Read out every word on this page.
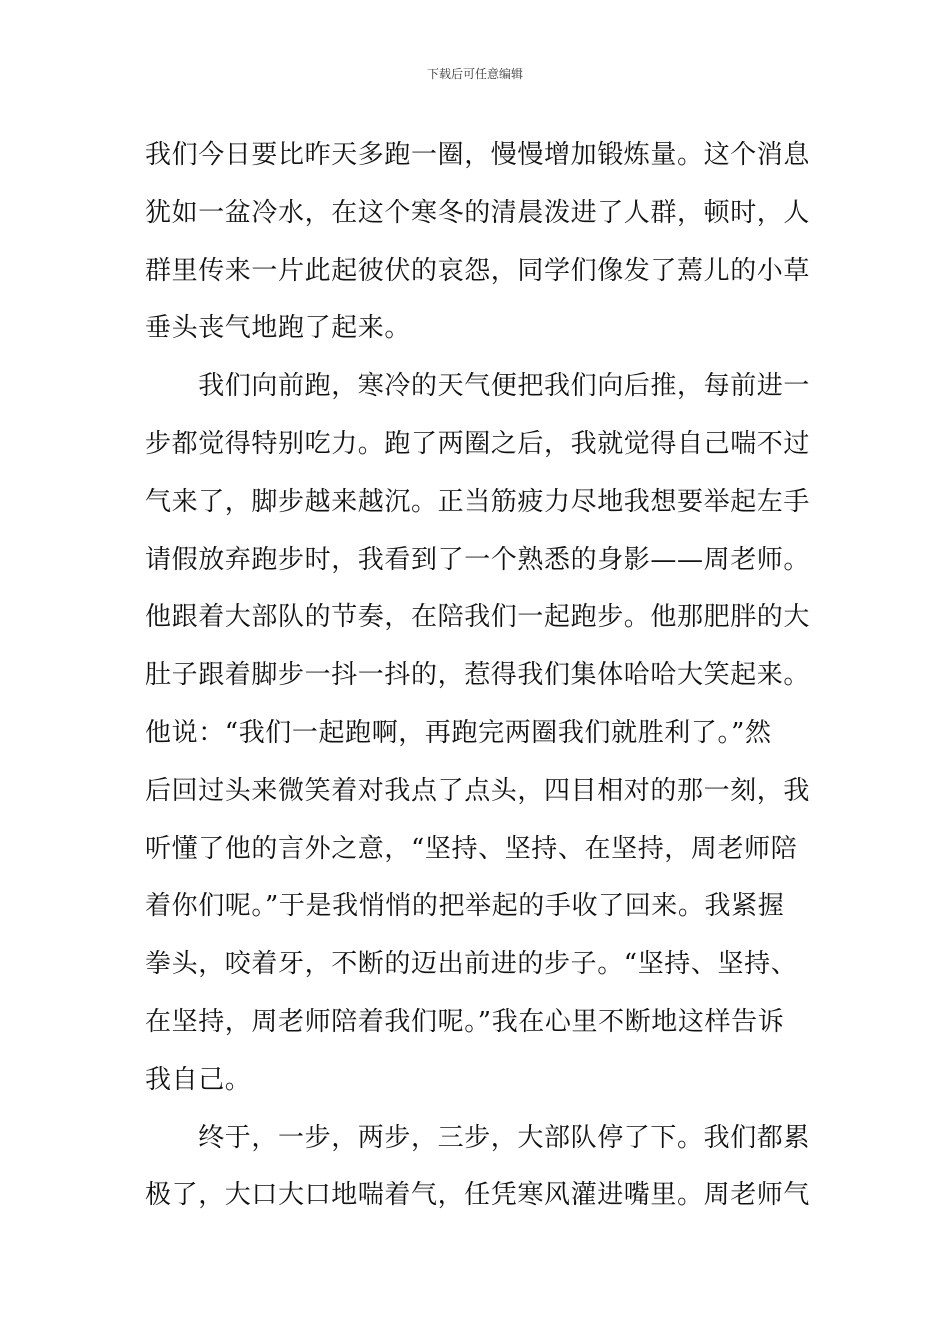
下载后可任意编辑
我们今日要比昨天多跑一圈，慢慢增加锻炼量。这个消息
犹如一盆冷水，在这个寒冬的清晨泼进了人群，顿时，人
群里传来一片此起彼伏的哀怨，同学们像发了蔫儿的小草
垂头丧气地跑了起来。
　　我们向前跑，寒冷的天气便把我们向后推，每前进一
步都觉得特别吃力。跑了两圈之后，我就觉得自己喘不过
气来了，脚步越来越沉。正当筋疲力尽地我想要举起左手
请假放弃跑步时，我看到了一个熟悉的身影——周老师。
他跟着大部队的节奏，在陪我们一起跑步。他那肥胖的大
肚子跟着脚步一抖一抖的，惹得我们集体哈哈大笑起来。
他说：“我们一起跑啊，再跑完两圈我们就胜利了。”然
后回过头来微笑着对我点了点头，四目相对的那一刻，我
听懂了他的言外之意，“坚持、坚持、在坚持，周老师陪
着你们呢。”于是我悄悄的把举起的手收了回来。我紧握
拳头，咬着牙，不断的迈出前进的步子。“坚持、坚持、
在坚持，周老师陪着我们呢。”我在心里不断地这样告诉
我自己。
　　终于，一步，两步，三步，大部队停了下。我们都累
极了，大口大口地喘着气，任凭寒风灌进嘴里。周老师气
